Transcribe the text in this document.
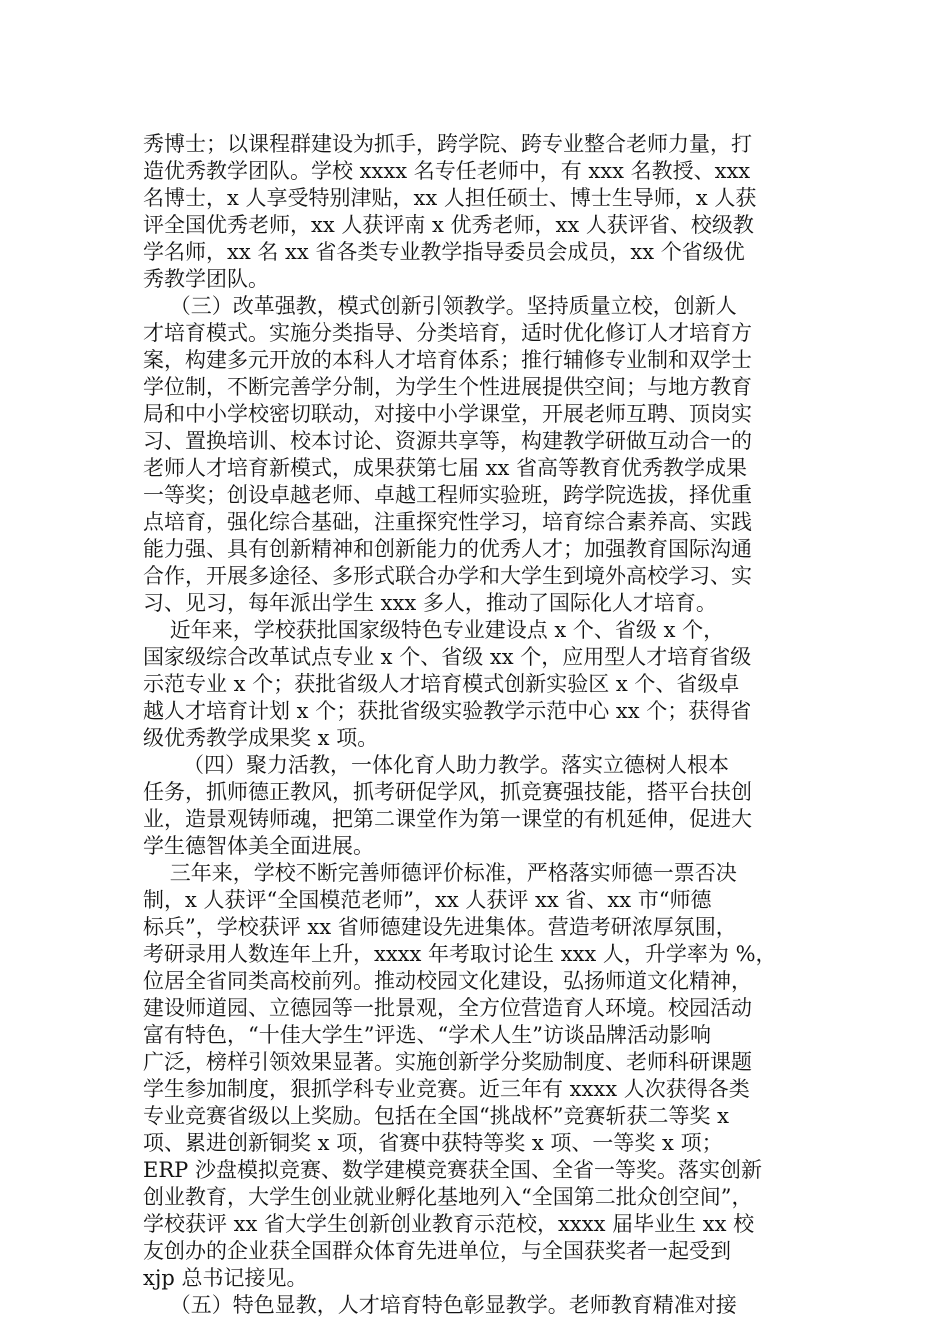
秀博士；以课程群建设为抓手，跨学院、跨专业整合老师力量，打
造优秀教学团队。学校 xxxx 名专任老师中，有 xxx 名教授、xxx
名博士，x 人享受特别津贴，xx 人担任硕士、博士生导师，x 人获
评全国优秀老师，xx 人获评南 x 优秀老师，xx 人获评省、校级教
学名师，xx 名 xx 省各类专业教学指导委员会成员，xx 个省级优
秀教学团队。
（三）改革强教，模式创新引领教学。坚持质量立校，创新人
才培育模式。实施分类指导、分类培育，适时优化修订人才培育方
案，构建多元开放的本科人才培育体系；推行辅修专业制和双学士
学位制，不断完善学分制，为学生个性进展提供空间；与地方教育
局和中小学校密切联动，对接中小学课堂，开展老师互聘、顶岗实
习、置换培训、校本讨论、资源共享等，构建教学研做互动合一的
老师人才培育新模式，成果获第七届 xx 省高等教育优秀教学成果
一等奖；创设卓越老师、卓越工程师实验班，跨学院选拔，择优重
点培育，强化综合基础，注重探究性学习，培育综合素养高、实践
能力强、具有创新精神和创新能力的优秀人才；加强教育国际沟通
合作，开展多途径、多形式联合办学和大学生到境外高校学习、实
习、见习，每年派出学生 xxx 多人，推动了国际化人才培育。
近年来，学校获批国家级特色专业建设点 x 个、省级 x 个，
国家级综合改革试点专业 x 个、省级 xx 个，应用型人才培育省级
示范专业 x 个；获批省级人才培育模式创新实验区 x 个、省级卓
越人才培育计划 x 个；获批省级实验教学示范中心 xx 个；获得省
级优秀教学成果奖 x 项。
（四）聚力活教，一体化育人助力教学。落实立德树人根本
任务，抓师德正教风，抓考研促学风，抓竞赛强技能，搭平台扶创
业，造景观铸师魂，把第二课堂作为第一课堂的有机延伸，促进大
学生德智体美全面进展。
三年来，学校不断完善师德评价标准，严格落实师德一票否决
制，x 人获评“全国模范老师”，xx 人获评 xx 省、xx 市“师德
标兵”，学校获评 xx 省师德建设先进集体。营造考研浓厚氛围，
考研录用人数连年上升，xxxx 年考取讨论生 xxx 人，升学率为 %，
位居全省同类高校前列。推动校园文化建设，弘扬师道文化精神，
建设师道园、立德园等一批景观，全方位营造育人环境。校园活动
富有特色，“十佳大学生”评选、“学术人生”访谈品牌活动影响
广泛，榜样引领效果显著。实施创新学分奖励制度、老师科研课题
学生参加制度，狠抓学科专业竞赛。近三年有 xxxx 人次获得各类
专业竞赛省级以上奖励。包括在全国“挑战杯”竞赛斩获二等奖 x
项、累进创新铜奖 x 项，省赛中获特等奖 x 项、一等奖 x 项；
ERP 沙盘模拟竞赛、数学建模竞赛获全国、全省一等奖。落实创新
创业教育，大学生创业就业孵化基地列入“全国第二批众创空间”，
学校获评 xx 省大学生创新创业教育示范校，xxxx 届毕业生 xx 校
友创办的企业获全国群众体育先进单位，与全国获奖者一起受到
xjp 总书记接见。
（五）特色显教，人才培育特色彰显教学。老师教育精准对接
